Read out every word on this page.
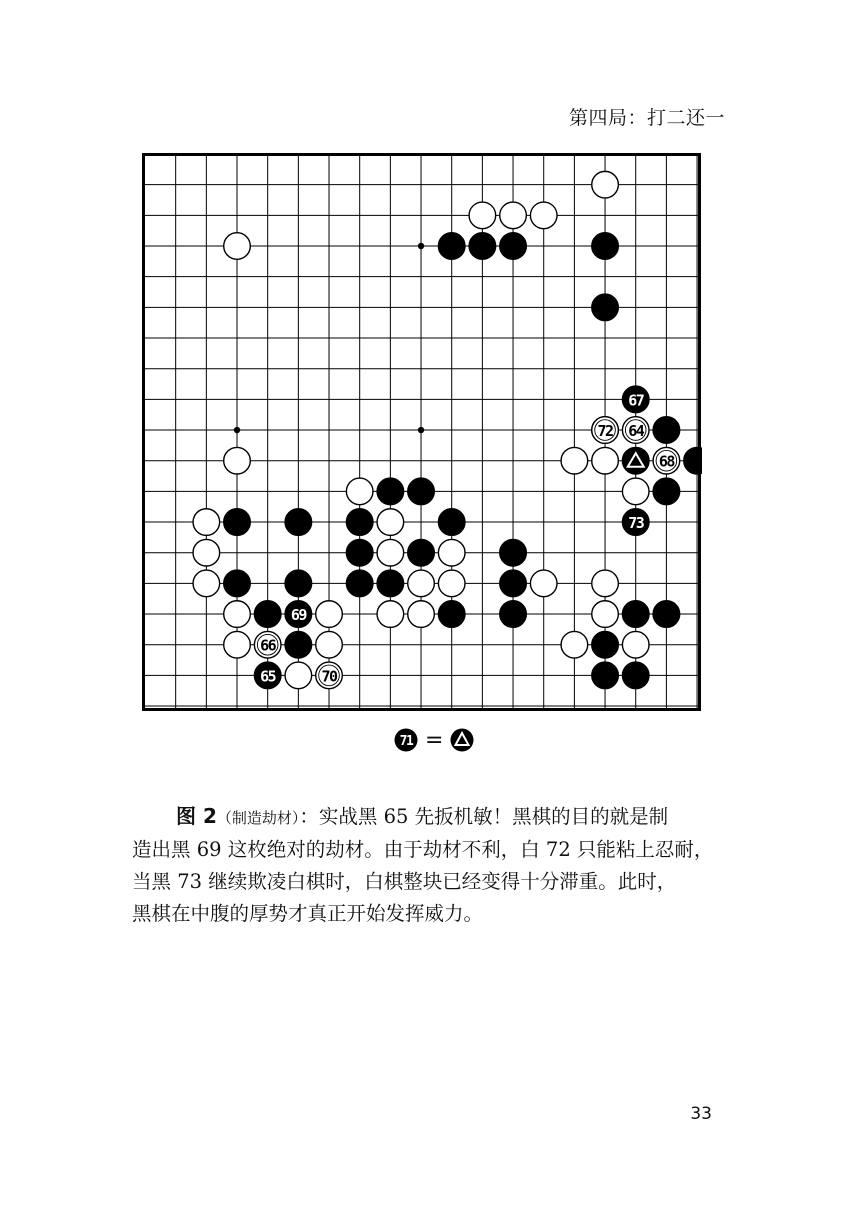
第四局：打二还一
67
64
72
68
73
69
66
65	70
71 =
图 2（制造劫材）：实战黑 65 先扳机敏！黑棋的目的就是制
造出黑 69 这枚绝对的劫材。由于劫材不利，白 72 只能粘上忍耐，
当黑 73 继续欺凌白棋时，白棋整块已经变得十分滞重。此时，
黑棋在中腹的厚势才真正开始发挥威力。
33
